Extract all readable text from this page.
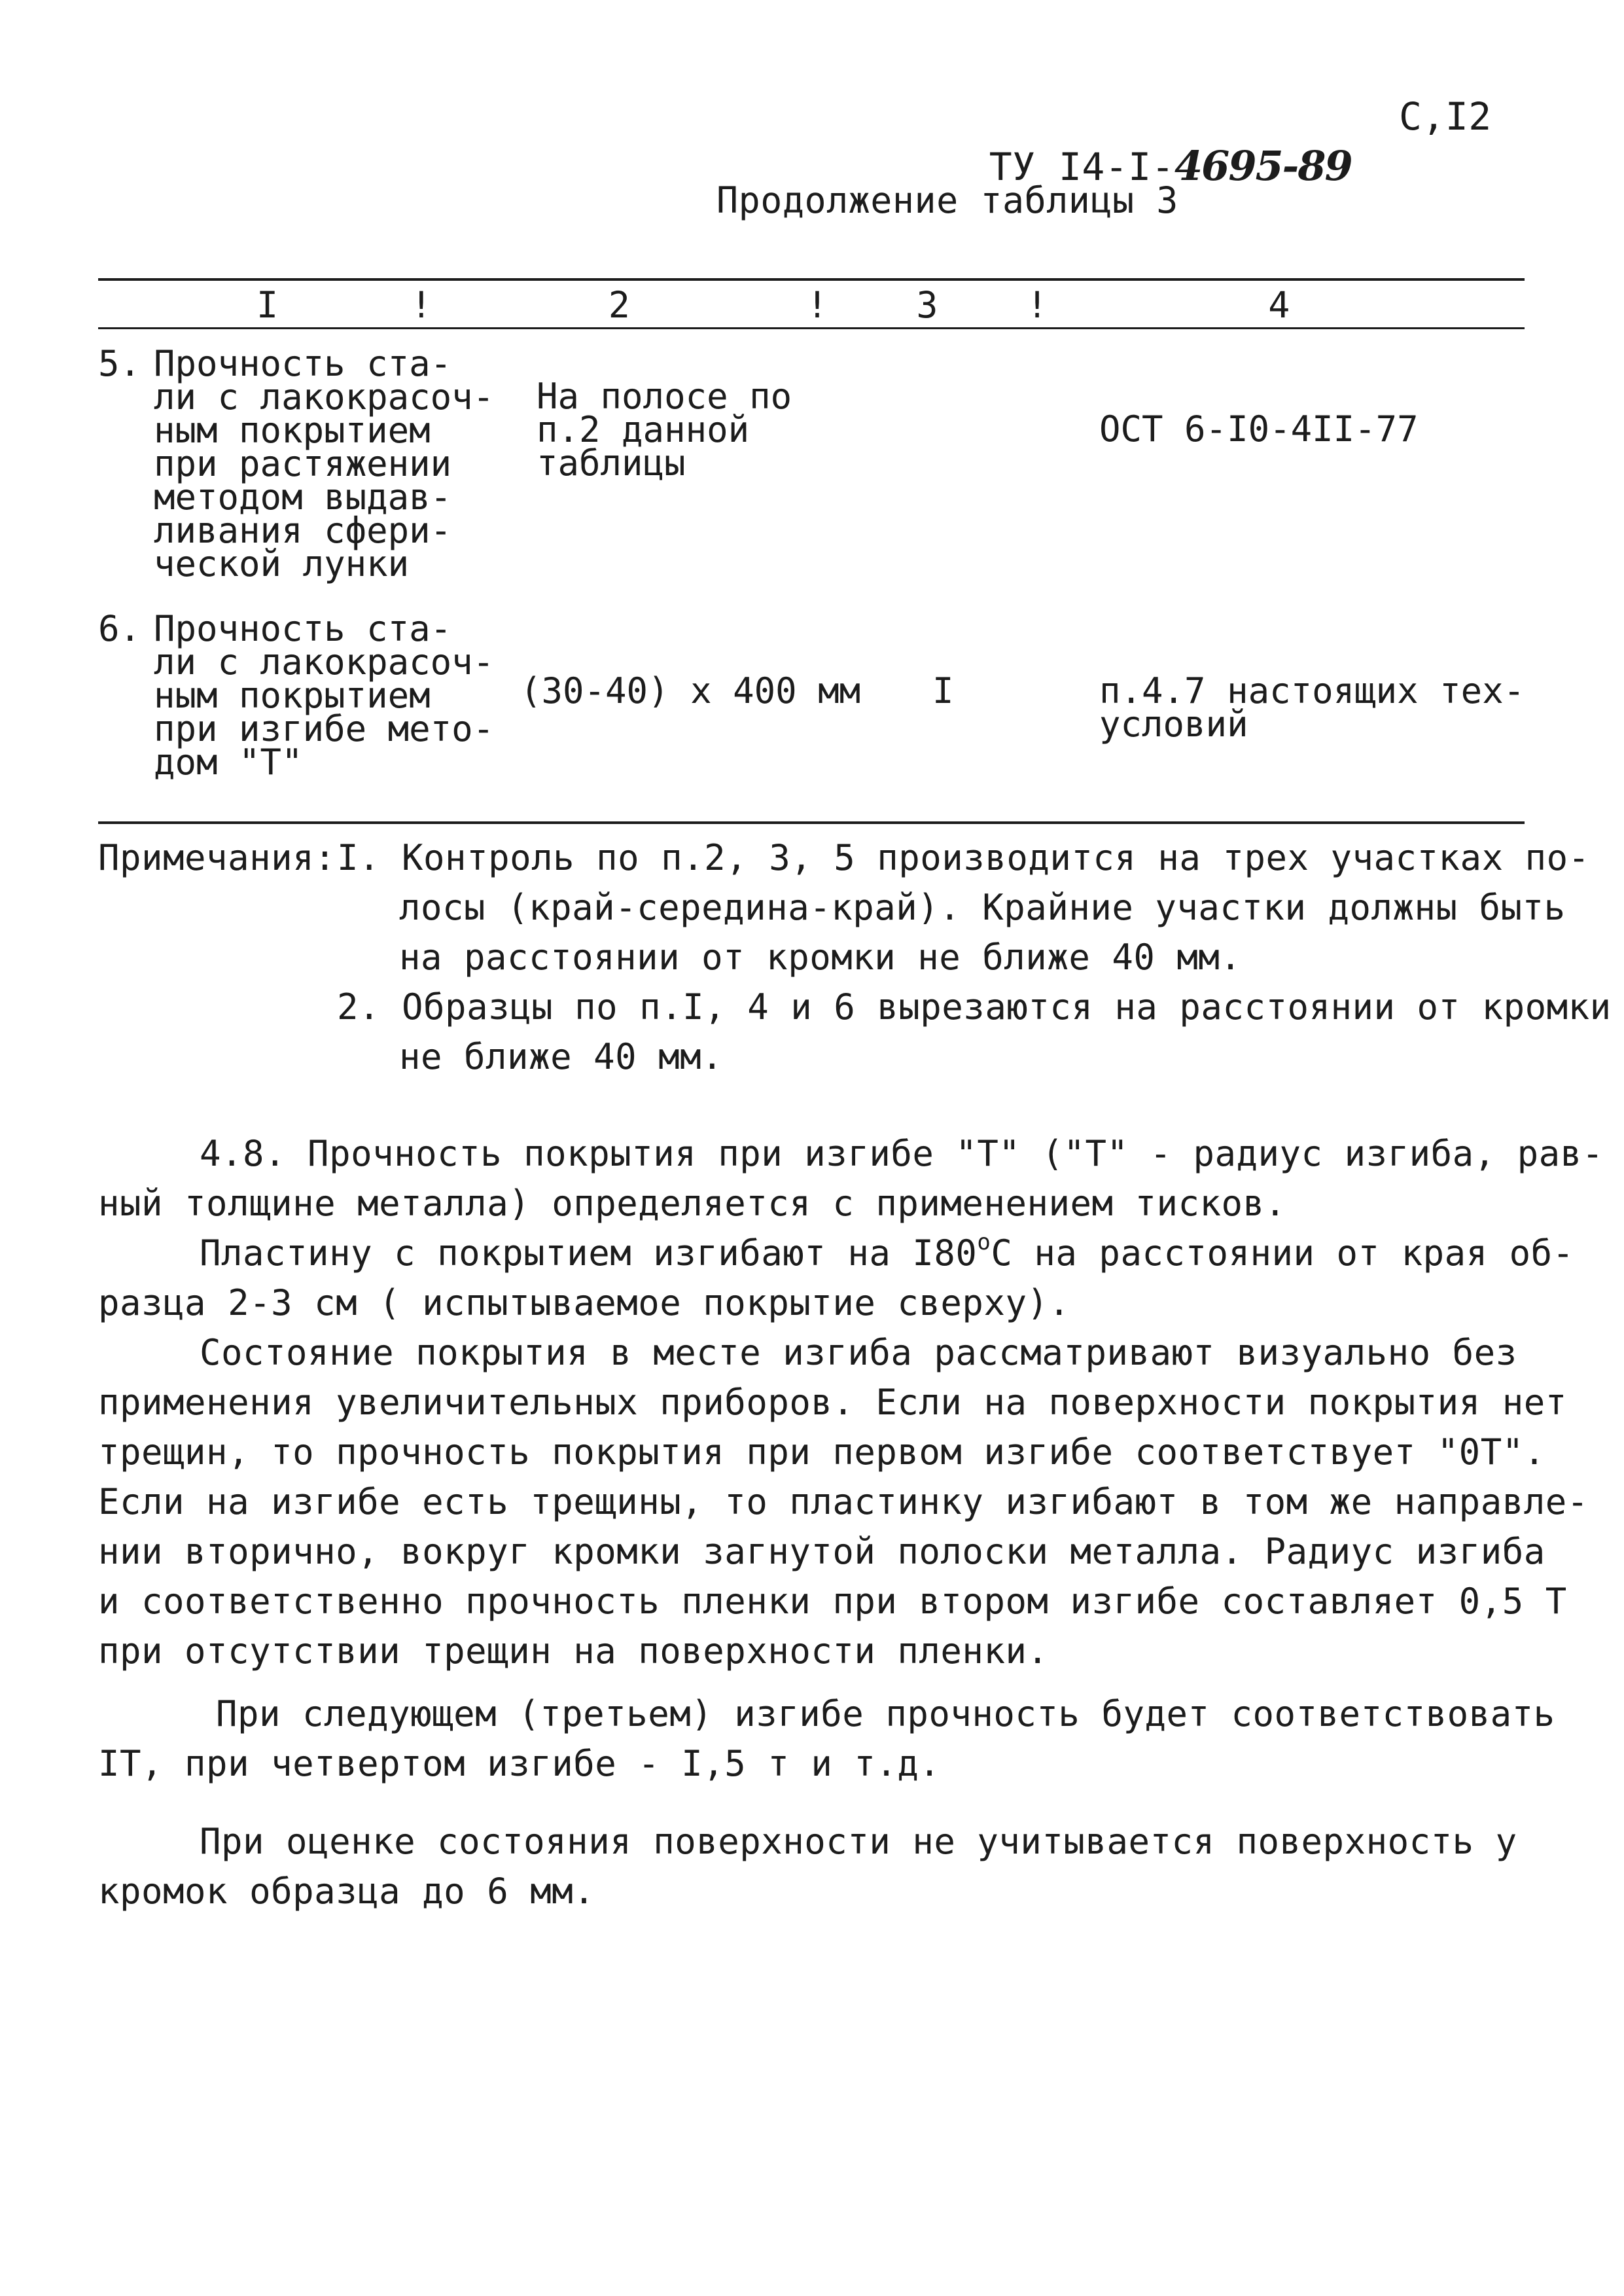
ТУ I4-I-4695-89

С,I2
Продолжение таблицы 3
I      !        2        !    3    !          4
5. Прочность ста-
ли с лакокрасоч-
ным покрытием
при растяжении
методом выдав-
ливания сфери-
ческой лунки
На полосе по
п.2 данной
таблицы
ОСТ 6-I0-4II-77
6. Прочность ста-
ли с лакокрасоч-
ным покрытием
при изгибе мето-
дом "Т"
(30-40) х 400 мм I	п.4.7 настоящих тех-
условий
Примечания: I. Контроль по п.2, 3, 5 производится на трех участках по-
лосы (край-середина-край). Крайние участки должны быть
на расстоянии от кромки не ближе 40 мм.
2. Образцы по п.I, 4 и 6 вырезаются на расстоянии от кромки
не ближе 40 мм.
4.8. Прочность покрытия при изгибе "Т" ("Т" - радиус изгиба, рав-
ный толщине металла) определяется с применением тисков.
Пластину с покрытием изгибают на $I80^оС$ на расстоянии от края об-
разца 2-3 см ( испытываемое покрытие сверху).
Состояние покрытия в месте изгиба рассматривают визуально без
применения увеличительных приборов. Если на поверхности покрытия нет
трещин, то прочность покрытия при первом изгибе соответствует "0Т".
Если на изгибе есть трещины, то пластинку изгибают в том же направле-
нии вторично, вокруг кромки загнутой полоски металла. Радиус изгиба
и соответственно прочность пленки при втором изгибе составляет 0,5 Т
при отсутствии трещин на поверхности пленки.
При следующем (третьем) изгибе прочность будет соответствовать
IТ, при четвертом изгибе - I,5 т и т.д.
При оценке состояния поверхности не учитывается поверхность у
кромок образца до 6 мм.
